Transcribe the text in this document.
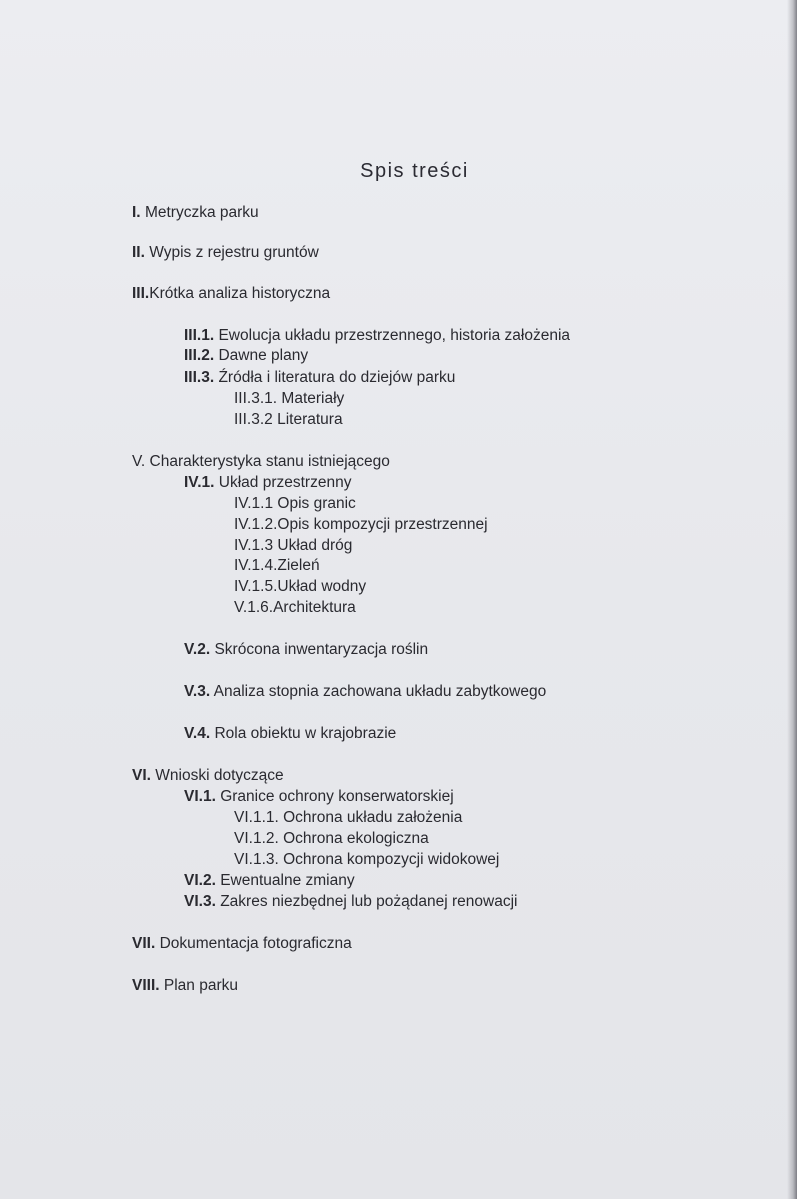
Spis treści
I. Metryczka parku
II. Wypis z rejestru gruntów
III.Krótka analiza historyczna
III.1. Ewolucja układu przestrzennego, historia założenia
III.2. Dawne plany
III.3. Źródła i literatura do dziejów parku
III.3.1. Materiały
III.3.2 Literatura
V. Charakterystyka stanu istniejącego
IV.1. Układ przestrzenny
IV.1.1 Opis granic
IV.1.2.Opis kompozycji przestrzennej
IV.1.3 Układ dróg
IV.1.4.Zieleń
IV.1.5.Układ wodny
V.1.6.Architektura
V.2. Skrócona inwentaryzacja roślin
V.3. Analiza stopnia zachowana układu zabytkowego
V.4. Rola obiektu w krajobrazie
VI. Wnioski dotyczące
VI.1. Granice ochrony konserwatorskiej
VI.1.1. Ochrona układu założenia
VI.1.2. Ochrona ekologiczna
VI.1.3. Ochrona kompozycji widokowej
VI.2. Ewentualne zmiany
VI.3. Zakres niezbędnej lub pożądanej renowacji
VII. Dokumentacja fotograficzna
VIII. Plan parku
